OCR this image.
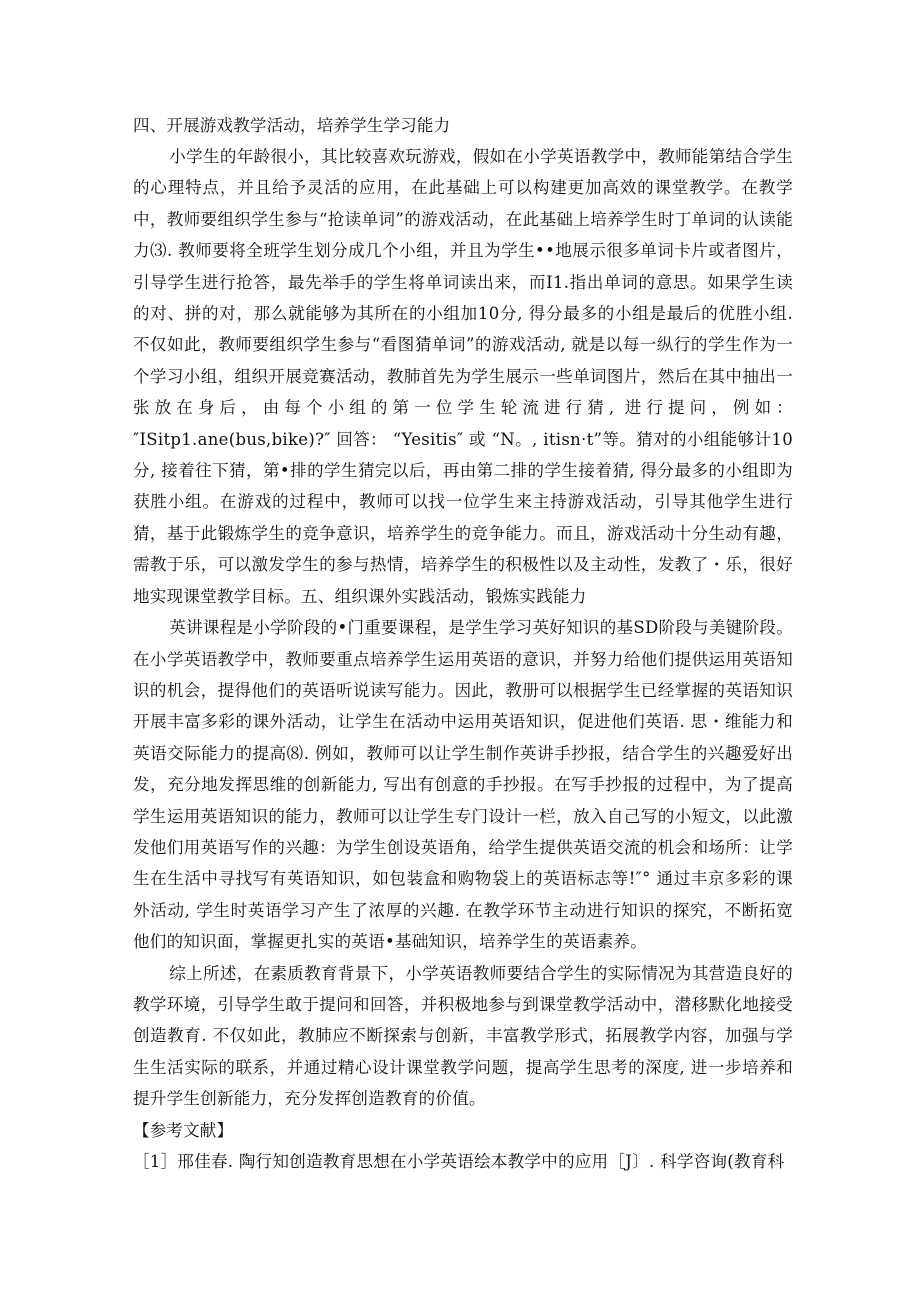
四、开展游戏教学活动，培养学生学习能力

小学生的年龄很小，其比较喜欢玩游戏，假如在小学英语教学中，教师能第结合学生的心理特点，并且给予灵活的应用，在此基础上可以构建更加高效的课堂教学。在教学中，教师要组织学生参与“抢读单词”的游戏活动，在此基础上培养学生时丁单词的认读能力⑶. 教师要将全班学生划分成几个小组，并且为学生••地展示很多单词卡片或者图片，引导学生进行抢答，最先举手的学生将单词读出来，而I1.指出单词的意思。如果学生读的对、拼的对，那么就能够为其所在的小组加10分, 得分最多的小组是最后的优胜小组. 不仅如此，教师要组织学生参与“看图猜单词”的游戏活动, 就是以每一纵行的学生作为一个学习小组，组织开展竞赛活动，教肺首先为学生展示一些单词图片，然后在其中抽出一张放在身后，由每个小组的第一位学生轮流进行猜, 进行提问，例如：″ISitp1.ane(bus,bike)?″ 回答： “Yesitis″ 或 “N。, itisn‧t”等。猜对的小组能够计10分, 接着往下猜，第•排的学生猜完以后，再由第二排的学生接着猜, 得分最多的小组即为获胜小组。在游戏的过程中，教师可以找一位学生来主持游戏活动，引导其他学生进行猜，基于此锻炼学生的竞争意识，培养学生的竞争能力。而且，游戏活动十分生动有趣，需教于乐，可以激发学生的参与热情，培养学生的积极性以及主动性，发教了・乐，很好地实现课堂教学目标。五、组织课外实践活动，锻炼实践能力

英讲课程是小学阶段的•门重要课程，是学生学习英好知识的基SD阶段与美键阶段。在小学英语教学中，教师要重点培养学生运用英语的意识，并努力给他们提供运用英语知识的机会，提得他们的英语听说读写能力。因此，教册可以根据学生已经掌握的英语知识开展丰富多彩的课外活动，让学生在活动中运用英语知识，促进他们英语. 思・维能力和英语交际能力的提高⑻. 例如，教师可以让学生制作英讲手抄报，结合学生的兴趣爱好出发，充分地发挥思维的创新能力, 写出有创意的手抄报。在写手抄报的过程中，为了提高学生运用英语知识的能力，教师可以让学生专门设计一栏，放入自己写的小短文，以此激发他们用英语写作的兴趣：为学生创设英语角，给学生提供英语交流的机会和场所：让学生在生活中寻找写有英语知识，如包装盒和购物袋上的英语标志等!″° 通过丰京多彩的课外活动, 学生时英语学习产生了浓厚的兴趣. 在教学环节主动进行知识的探究，不断拓宽他们的知识面，掌握更扎实的英语•基础知识，培养学生的英语素养。

综上所述，在素质教育背景下，小学英语教师要结合学生的实际情况为其营造良好的教学环境，引导学生敢于提问和回答，并积极地参与到课堂教学活动中，潜移默化地接受创造教育. 不仅如此，教肺应不断探索与创新，丰富教学形式，拓展教学内容，加强与学生生活实际的联系，并通过精心设计课堂教学问题，提高学生思考的深度, 进一步培养和提升学生创新能力，充分发挥创造教育的价值。

【参考文献】

［1］邢佳春. 陶行知创造教育思想在小学英语绘本教学中的应用［J〕. 科学咨询(教育科
